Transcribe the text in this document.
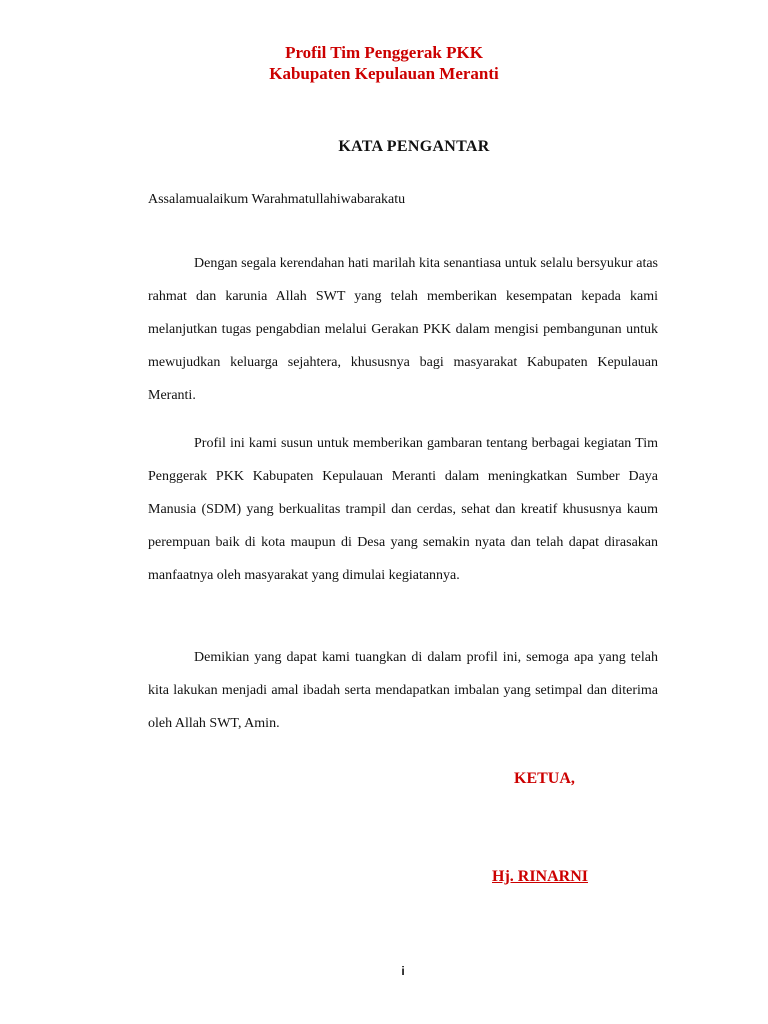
Profil Tim Penggerak PKK
Kabupaten Kepulauan Meranti
KATA PENGANTAR
Assalamualaikum Warahmatullahiwabarakatu

Dengan segala kerendahan hati marilah kita senantiasa untuk selalu bersyukur atas rahmat dan karunia Allah SWT yang telah memberikan kesempatan kepada kami melanjutkan tugas pengabdian melalui Gerakan PKK dalam mengisi pembangunan untuk mewujudkan keluarga sejahtera, khususnya bagi masyarakat Kabupaten Kepulauan Meranti.

Profil ini kami susun untuk memberikan gambaran tentang berbagai kegiatan Tim Penggerak PKK Kabupaten Kepulauan Meranti dalam meningkatkan Sumber Daya Manusia (SDM) yang berkualitas trampil dan cerdas, sehat dan kreatif khususnya kaum perempuan baik di kota maupun di Desa yang semakin nyata dan telah dapat dirasakan manfaatnya oleh masyarakat yang dimulai kegiatannya.

Demikian yang dapat kami tuangkan di dalam profil ini, semoga apa yang telah kita lakukan menjadi amal ibadah serta mendapatkan imbalan yang setimpal dan diterima oleh Allah SWT, Amin.

KETUA,
Hj. RINARNI
i
